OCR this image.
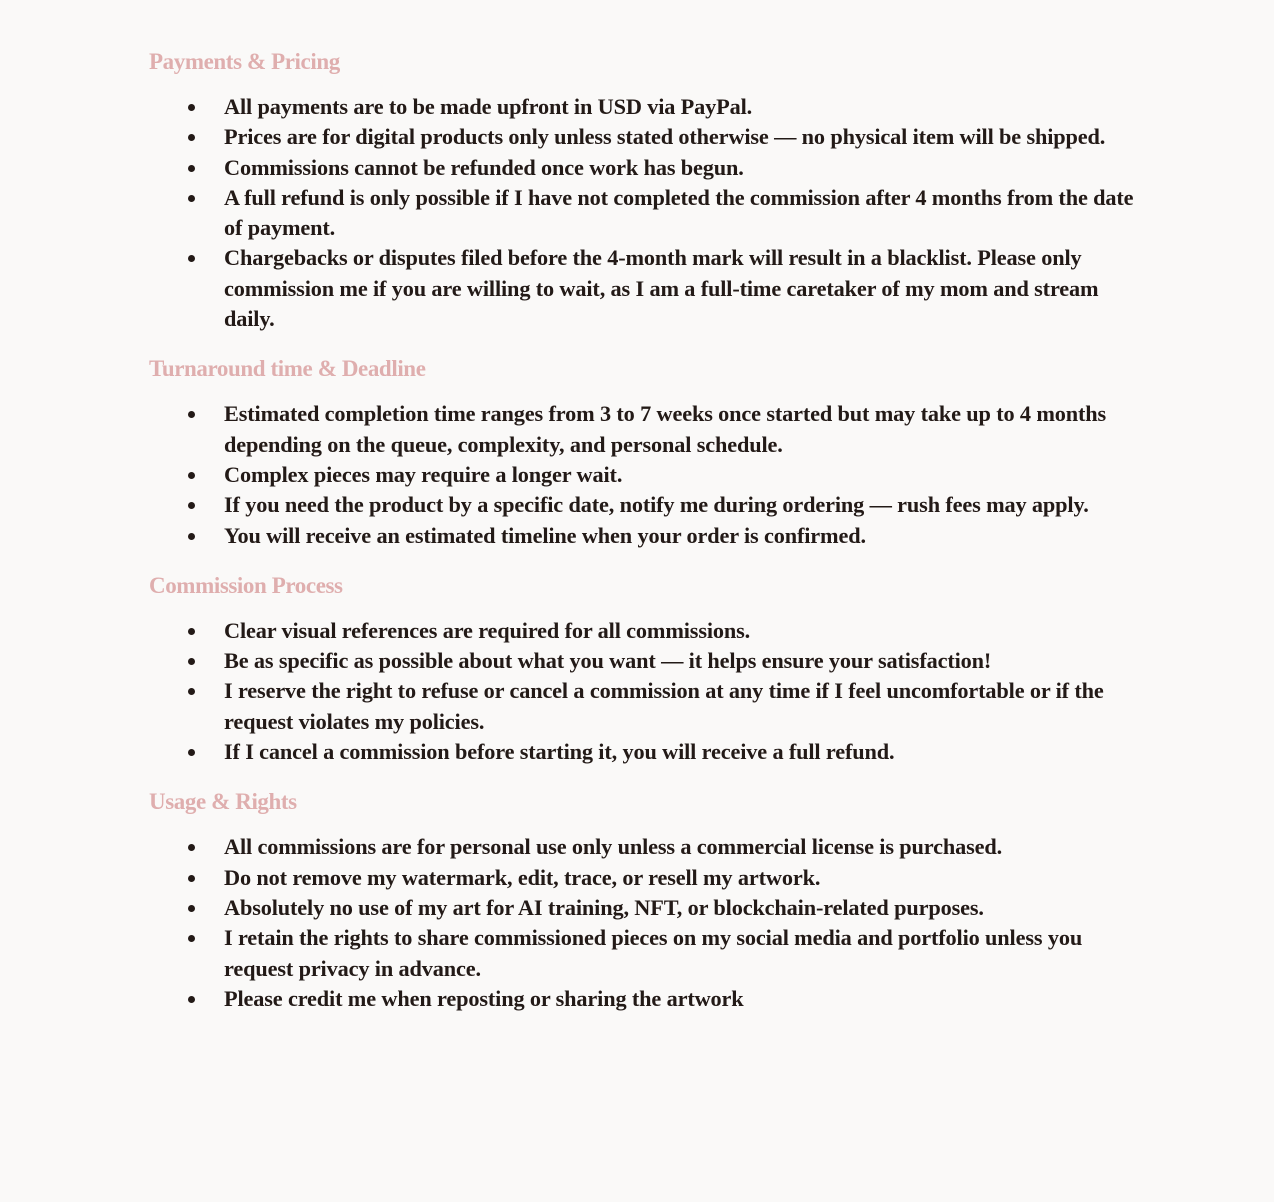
Payments & Pricing
All payments are to be made upfront in USD via PayPal.
Prices are for digital products only unless stated otherwise — no physical item will be shipped.
Commissions cannot be refunded once work has begun.
A full refund is only possible if I have not completed the commission after 4 months from the date of payment.
Chargebacks or disputes filed before the 4-month mark will result in a blacklist. Please only commission me if you are willing to wait, as I am a full-time caretaker of my mom and stream daily.
Turnaround time & Deadline
Estimated completion time ranges from 3 to 7 weeks once started but may take up to 4 months depending on the queue, complexity, and personal schedule.
Complex pieces may require a longer wait.
If you need the product by a specific date, notify me during ordering — rush fees may apply.
You will receive an estimated timeline when your order is confirmed.
Commission Process
Clear visual references are required for all commissions.
Be as specific as possible about what you want — it helps ensure your satisfaction!
I reserve the right to refuse or cancel a commission at any time if I feel uncomfortable or if the request violates my policies.
If I cancel a commission before starting it, you will receive a full refund.
Usage & Rights
All commissions are for personal use only unless a commercial license is purchased.
Do not remove my watermark, edit, trace, or resell my artwork.
Absolutely no use of my art for AI training, NFT, or blockchain-related purposes.
I retain the rights to share commissioned pieces on my social media and portfolio unless you request privacy in advance.
Please credit me when reposting or sharing the artwork
